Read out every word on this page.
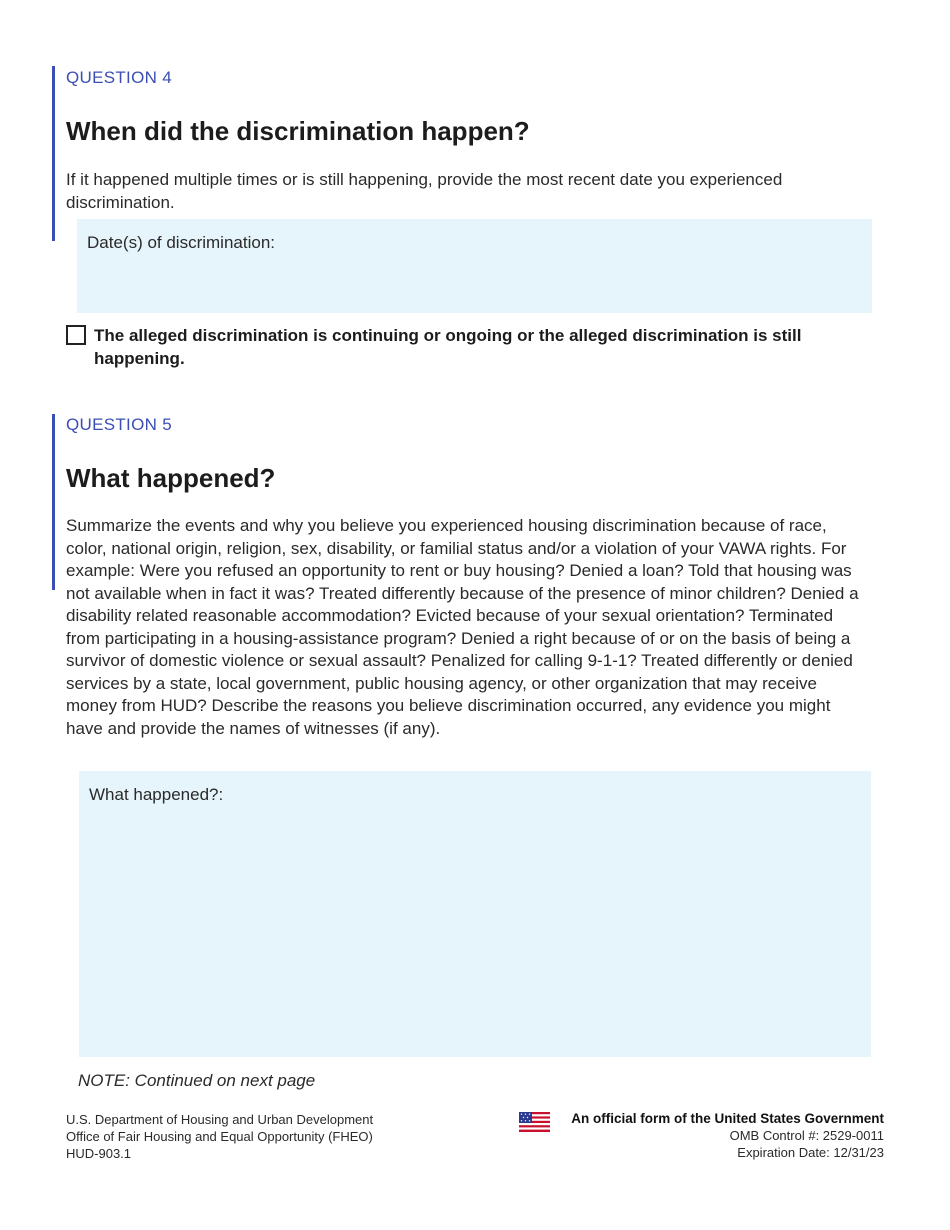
QUESTION 4
When did the discrimination happen?

If it happened multiple times or is still happening, provide the most recent date you experienced discrimination.

Date(s) of discrimination:
The alleged discrimination is continuing or ongoing or the alleged discrimination is still happening.
QUESTION 5
What happened?

Summarize the events and why you believe you experienced housing discrimination because of race, color, national origin, religion, sex, disability, or familial status and/or a violation of your VAWA rights. For example: Were you refused an opportunity to rent or buy housing? Denied a loan? Told that housing was not available when in fact it was? Treated differently because of the presence of minor children? Denied a disability related reasonable accommodation? Evicted because of your sexual orientation? Terminated from participating in a housing-assistance program? Denied a right because of or on the basis of being a survivor of domestic violence or sexual assault? Penalized for calling 9-1-1? Treated differently or denied services by a state, local government, public housing agency, or other organization that may receive money from HUD? Describe the reasons you believe discrimination occurred, any evidence you might have and provide the names of witnesses (if any).

What happened?:
NOTE: Continued on next page
U.S. Department of Housing and Urban Development
Office of Fair Housing and Equal Opportunity (FHEO)
HUD-903.1
An official form of the United States Government
OMB Control #: 2529-0011
Expiration Date: 12/31/23
